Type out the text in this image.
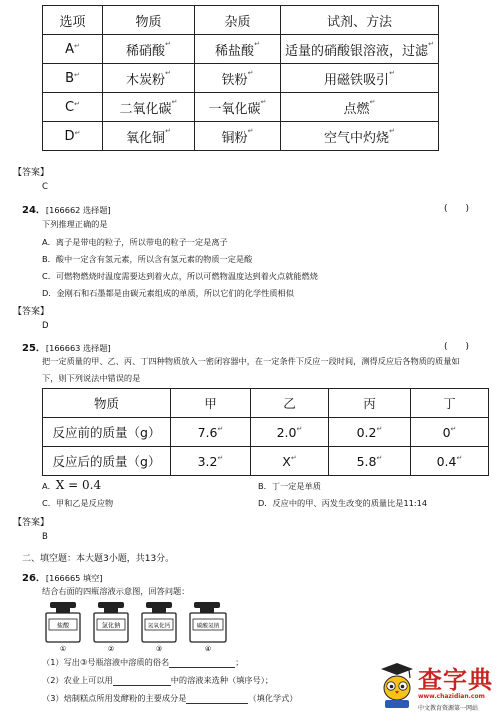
选项	物质	杂质	试剂、方法
A↵	稀硝酸↵	稀盐酸↵	适量的硝酸银溶液，过滤↵
B↵	木炭粉↵	铁粉↵	用磁铁吸引↵
C↵	二氧化碳↵	一氧化碳↵	点燃↵
D↵	氧化铜↵	铜粉↵	空气中灼烧↵
【答案】
C
24．[166662 选择题]	(　　)
下列推理正确的是
A．离子是带电的粒子，所以带电的粒子一定是离子
B．酸中一定含有氢元素，所以含有氢元素的物质一定是酸
C．可燃物燃烧时温度需要达到着火点，所以可燃物温度达到着火点就能燃烧
D．金刚石和石墨都是由碳元素组成的单质，所以它们的化学性质相似
【答案】
D
25．[166663 选择题]	(　　)
把一定质量的甲、乙、丙、丁四种物质放入一密闭容器中，在一定条件下反应一段时间，测得反应后各物质的质量如
下，则下列说法中错误的是
物质	甲	乙	丙	丁
反应前的质量（g）	7.6↵	2.0↵	0.2↵	0↵
反应后的质量（g）	3.2↵	X↵	5.8↵	0.4↵
A．X = 0.4	B．丁一定是单质
C．甲和乙是反应物	D．反应中的甲、丙发生改变的质量比是11:14
【答案】
B
二、填空题：本大题3小题，共13分。
26．[166665 填空]
结合右面的四瓶溶液示意图，回答问题：
盐酸
①
氯化钠
②
氢氧化钙
③
碳酸氢钠
④
（1）写出③号瓶溶液中溶质的俗名	；
（2）农业上可以用	中的溶液来选种（填序号）；
（3）焙制糕点所用发酵粉的主要成分是	（填化学式）
查字典
www.chazidian.com
中文教育资源第一网站
